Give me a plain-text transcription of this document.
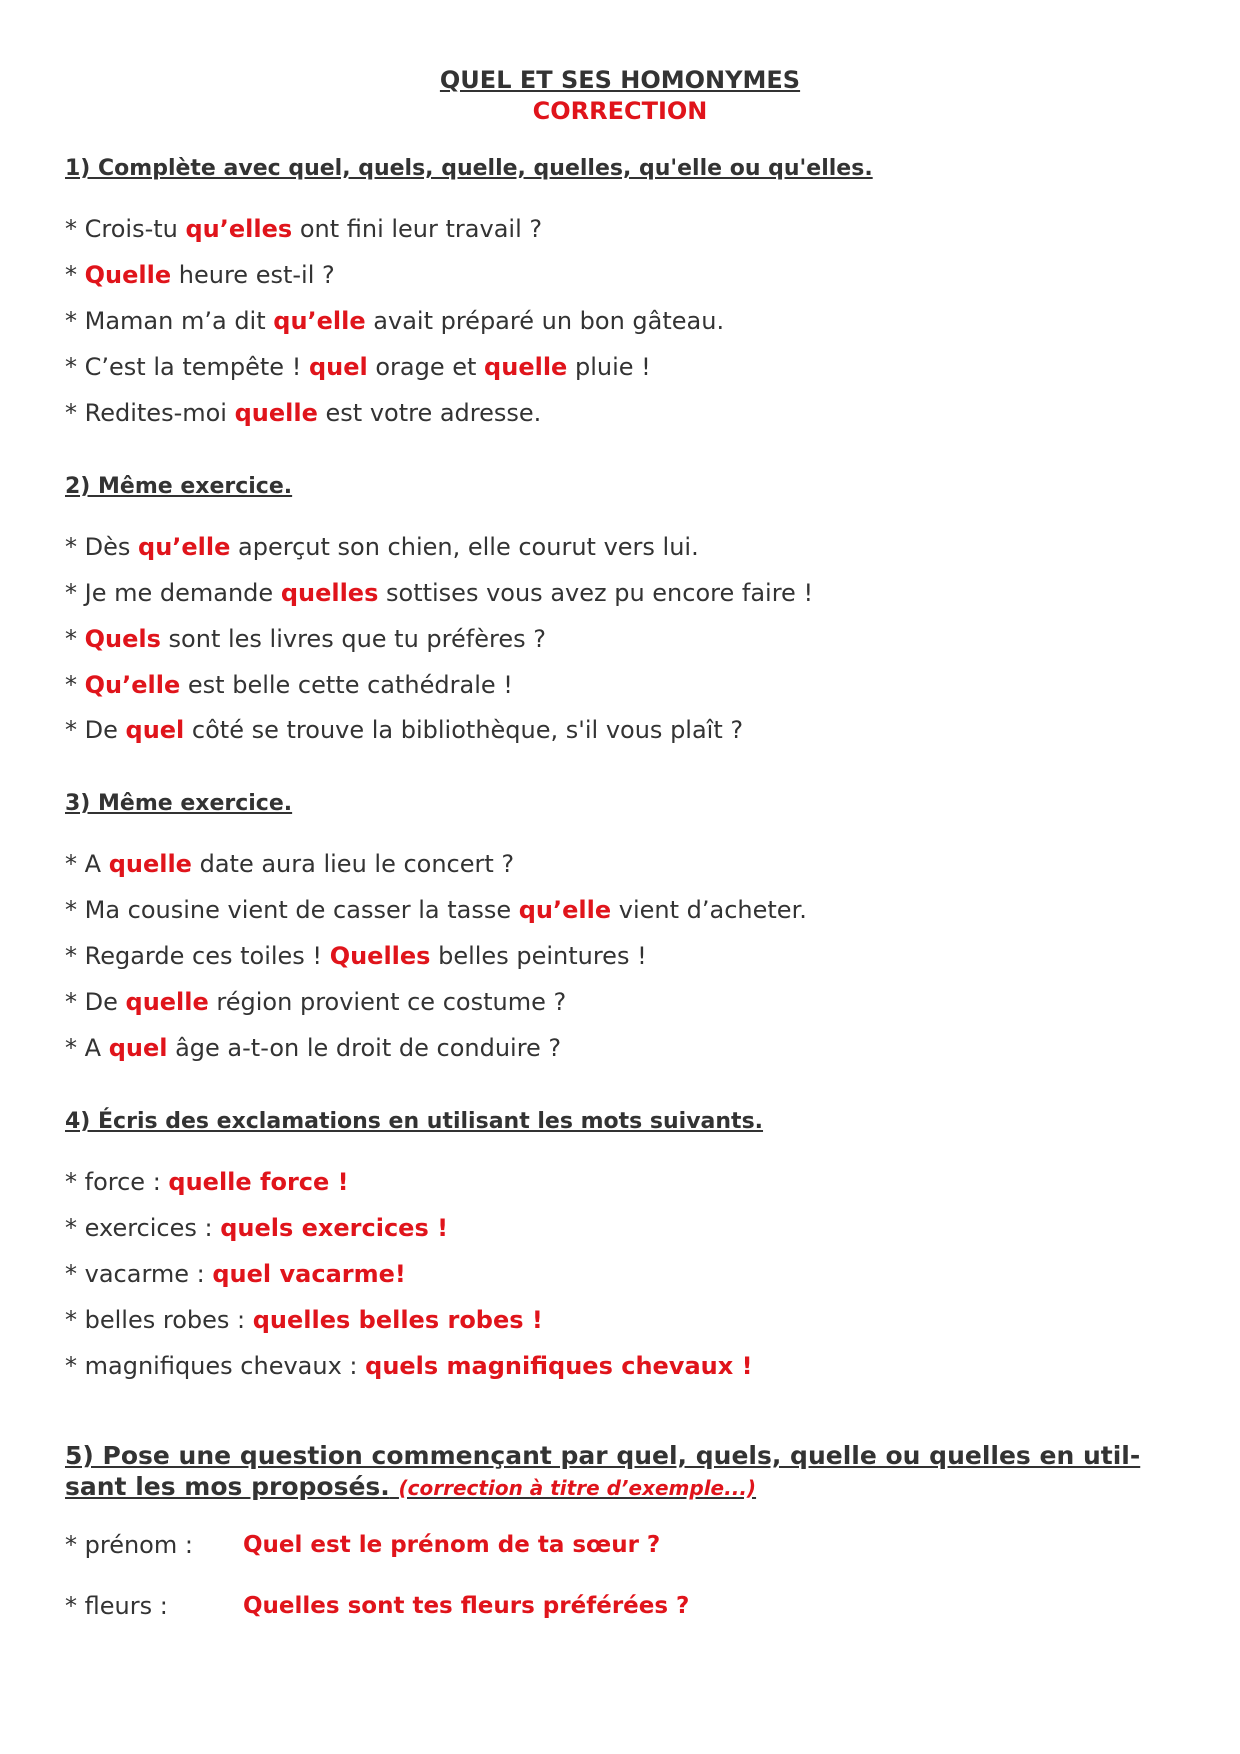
QUEL ET SES HOMONYMES
CORRECTION
1) Complète avec quel, quels, quelle, quelles, qu'elle ou qu'elles.
* Crois-tu qu’elles ont fini leur travail ?
* Quelle heure est-il ?
* Maman m’a dit qu’elle avait préparé un bon gâteau.
* C’est la tempête ! quel orage et quelle pluie !
* Redites-moi quelle est votre adresse.
2) Même exercice.
* Dès qu’elle aperçut son chien, elle courut vers lui.
* Je me demande quelles sottises vous avez pu encore faire !
* Quels sont les livres que tu préfères ?
* Qu’elle est belle cette cathédrale !
* De quel côté se trouve la bibliothèque, s'il vous plaît ?
3) Même exercice.
* A quelle date aura lieu le concert ?
* Ma cousine vient de casser la tasse qu’elle vient d’acheter.
* Regarde ces toiles ! Quelles belles peintures !
* De quelle région provient ce costume ?
* A quel âge a-t-on le droit de conduire ?
4) Écris des exclamations en utilisant les mots suivants.
* force : quelle force !
* exercices : quels exercices !
* vacarme : quel vacarme!
* belles robes : quelles belles robes !
* magnifiques chevaux : quels magnifiques chevaux !
5) Pose une question commençant par quel, quels, quelle ou quelles en util-
sant les mos proposés. (correction à titre d’exemple...)
* prénom : Quel est le prénom de ta sœur ?
* fleurs :	Quelles sont tes fleurs préférées ?
